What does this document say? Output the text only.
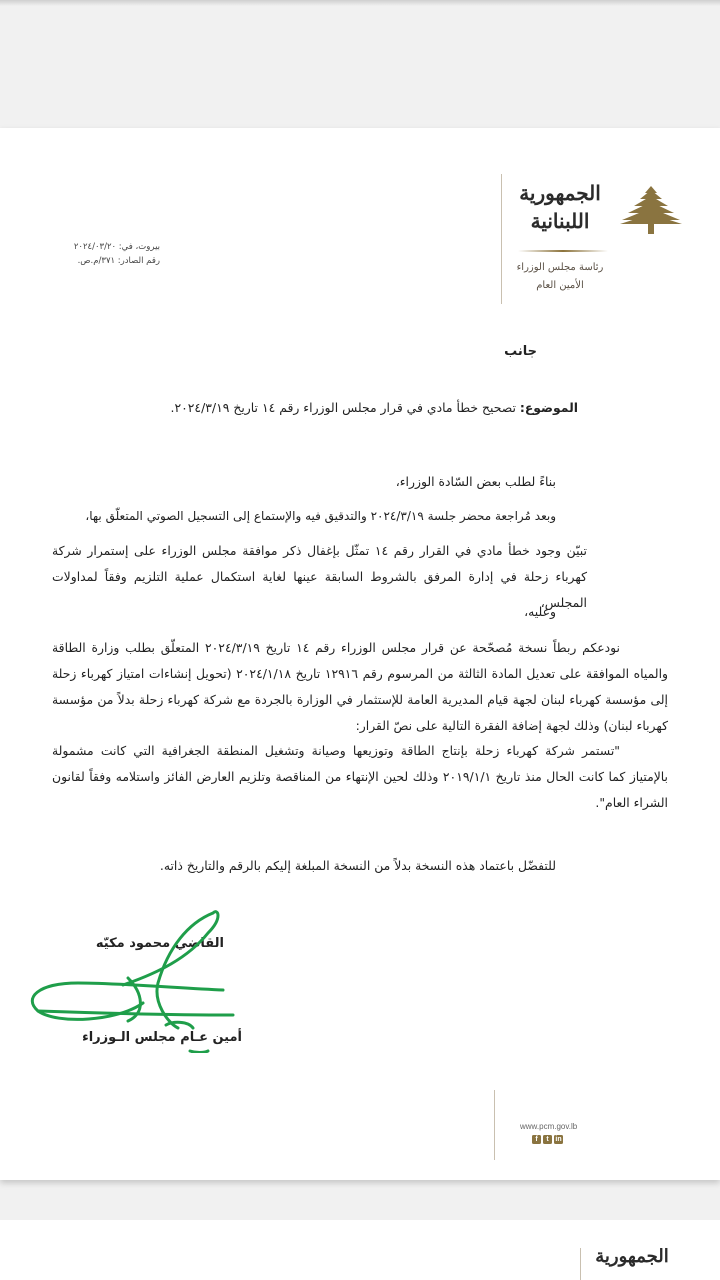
الجمهورية
اللبنانية
رئاسة مجلس الوزراء
الأمين العام
بيروت، في: ٢٠٢٤/٠٣/٢٠
رقم الصادر: ٣٧١/م.ص.
جانب
الموضوع: تصحيح خطأ مادي في قرار مجلس الوزراء رقم ١٤ تاريخ ٢٠٢٤/٣/١٩.
بناءً لطلب بعض السّادة الوزراء،
وبعد مُراجعة محضر جلسة ٢٠٢٤/٣/١٩ والتدقيق فيه والإستماع إلى التسجيل الصوتي المتعلّق بها،
تبيّن وجود خطأ مادي في القرار رقم ١٤ تمثّل بإغفال ذكر موافقة مجلس الوزراء على إستمرار شركة كهرباء زحلة في إدارة المرفق بالشروط السابقة عينها لغاية استكمال عملية التلزيم وفقاً لمداولات المجلس،
وعليه،
نودعكم ربطاً نسخة مُصحّحة عن قرار مجلس الوزراء رقم ١٤ تاريخ ٢٠٢٤/٣/١٩ المتعلّق بطلب وزارة الطاقة والمياه الموافقة على تعديل المادة الثالثة من المرسوم رقم ١٢٩١٦ تاريخ ٢٠٢٤/١/١٨ (تحويل إنشاءات امتياز كهرباء زحلة إلى مؤسسة كهرباء لبنان لجهة قيام المديرية العامة للإستثمار في الوزارة بالجردة مع شركة كهرباء زحلة بدلاً من مؤسسة كهرباء لبنان) وذلك لجهة إضافة الفقرة التالية على نصّ القرار:
"تستمر شركة كهرباء زحلة بإنتاج الطاقة وتوزيعها وصيانة وتشغيل المنطقة الجغرافية التي كانت مشمولة بالإمتياز كما كانت الحال منذ تاريخ ٢٠١٩/١/١ وذلك لحين الإنتهاء من المناقصة وتلزيم العارض الفائز واستلامه وفقاً لقانون الشراء العام".
للتفضّل باعتماد هذه النسخة بدلاً من النسخة المبلغة إليكم بالرقم والتاريخ ذاته.
القاضي محمود مكيّه
أمين عـام مجلس الـوزراء
www.pcm.gov.lb
f	t in
الجمهورية
